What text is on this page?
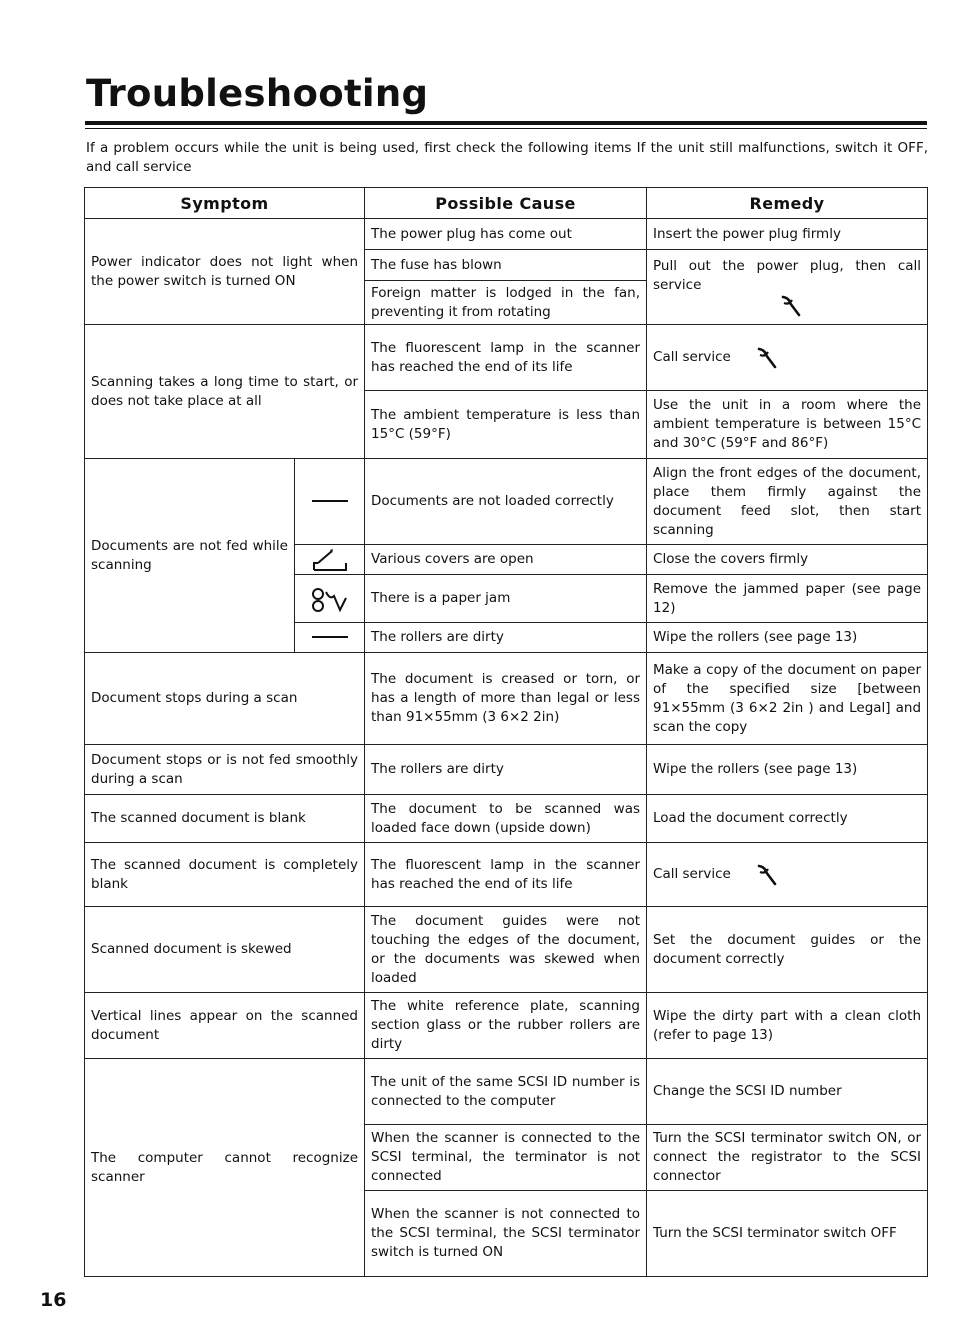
Troubleshooting

If a problem occurs while the unit is being used, first check the following items If the unit still malfunctions, switch it OFF, and call service

Symptom		Possible Cause	Remedy
Power indicator does not light when the power switch is turned ON		The power plug has come out	Insert the power plug firmly
		The fuse has blown	Pull out the power plug, then call service

		Foreign matter is lodged in the fan, preventing it from rotating	
Scanning takes a long time to start, or does not take place at all		The fluorescent lamp in the scanner has reached the end of its life	Call service

		The ambient temperature is less than 15°C (59°F)	Use the unit in a room where the ambient temperature is between 15°C and 30°C (59°F and 86°F)
Documents are not fed while scanning		Documents are not loaded correctly	Align the front edges of the document, place them firmly against the document feed slot, then start scanning
	Various covers are open	Close the covers firmly
	There is a paper jam	Remove the jammed paper (see page 12)
	The rollers are dirty	Wipe the rollers (see page 13)
Document stops during a scan		The document is creased or torn, or has a length of more than legal or less than 91×55mm (3 6×2 2in)	Make a copy of the document on paper of the specified size [between 91×55mm (3 6×2 2in ) and Legal] and scan the copy
Document stops or is not fed smoothly during a scan		The rollers are dirty	Wipe the rollers (see page 13)
The scanned document is blank		The document to be scanned was loaded face down (upside down)	Load the document correctly
The scanned document is completely blank		The fluorescent lamp in the scanner has reached the end of its life	Call service

Scanned document is skewed		The document guides were not touching the edges of the document, or the documents was skewed when loaded	Set the document guides or the document correctly
Vertical lines appear on the scanned document		The white reference plate, scanning section glass or the rubber rollers are dirty	Wipe the dirty part with a clean cloth (refer to page 13)
The computer cannot recognize scanner		The unit of the same SCSI ID number is connected to the computer	Change the SCSI ID number
		When the scanner is connected to the SCSI terminal, the terminator is not connected	Turn the SCSI terminator switch ON, or connect the registrator to the SCSI connector
		When the scanner is not connected to the SCSI terminal, the SCSI terminator switch is turned ON	Turn the SCSI terminator switch OFF

16
